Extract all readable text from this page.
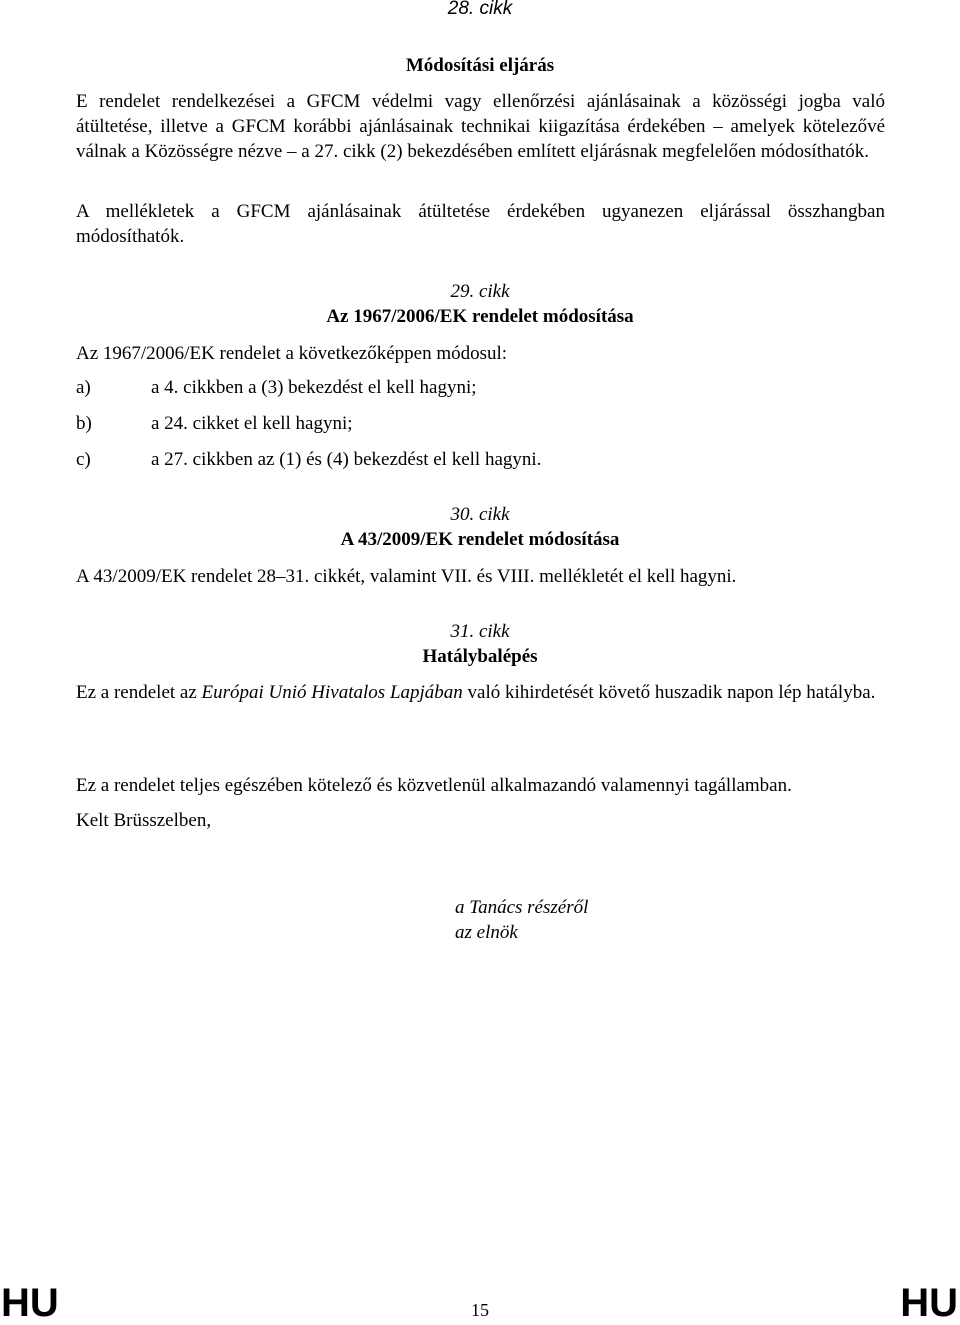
28. cikk
Módosítási eljárás
E rendelet rendelkezései a GFCM védelmi vagy ellenőrzési ajánlásainak a közösségi jogba való átültetése, illetve a GFCM korábbi ajánlásainak technikai kiigazítása érdekében – amelyek kötelezővé válnak a Közösségre nézve – a 27. cikk (2) bekezdésében említett eljárásnak megfelelően módosíthatók.
A mellékletek a GFCM ajánlásainak átültetése érdekében ugyanezen eljárással összhangban módosíthatók.
29. cikk
Az 1967/2006/EK rendelet módosítása
Az 1967/2006/EK rendelet a következőképpen módosul:
a)	a 4. cikkben a (3) bekezdést el kell hagyni;
b)	a 24. cikket el kell hagyni;
c)	a 27. cikkben az (1) és (4) bekezdést el kell hagyni.
30. cikk
A 43/2009/EK rendelet módosítása
A 43/2009/EK rendelet 28–31. cikkét, valamint VII. és VIII. mellékletét el kell hagyni.
31. cikk
Hatálybalépés
Ez a rendelet az Európai Unió Hivatalos Lapjában való kihirdetését követő huszadik napon lép hatályba.
Ez a rendelet teljes egészében kötelező és közvetlenül alkalmazandó valamennyi tagállamban.
Kelt Brüsszelben,
a Tanács részéről
az elnök
HU	15	HU
